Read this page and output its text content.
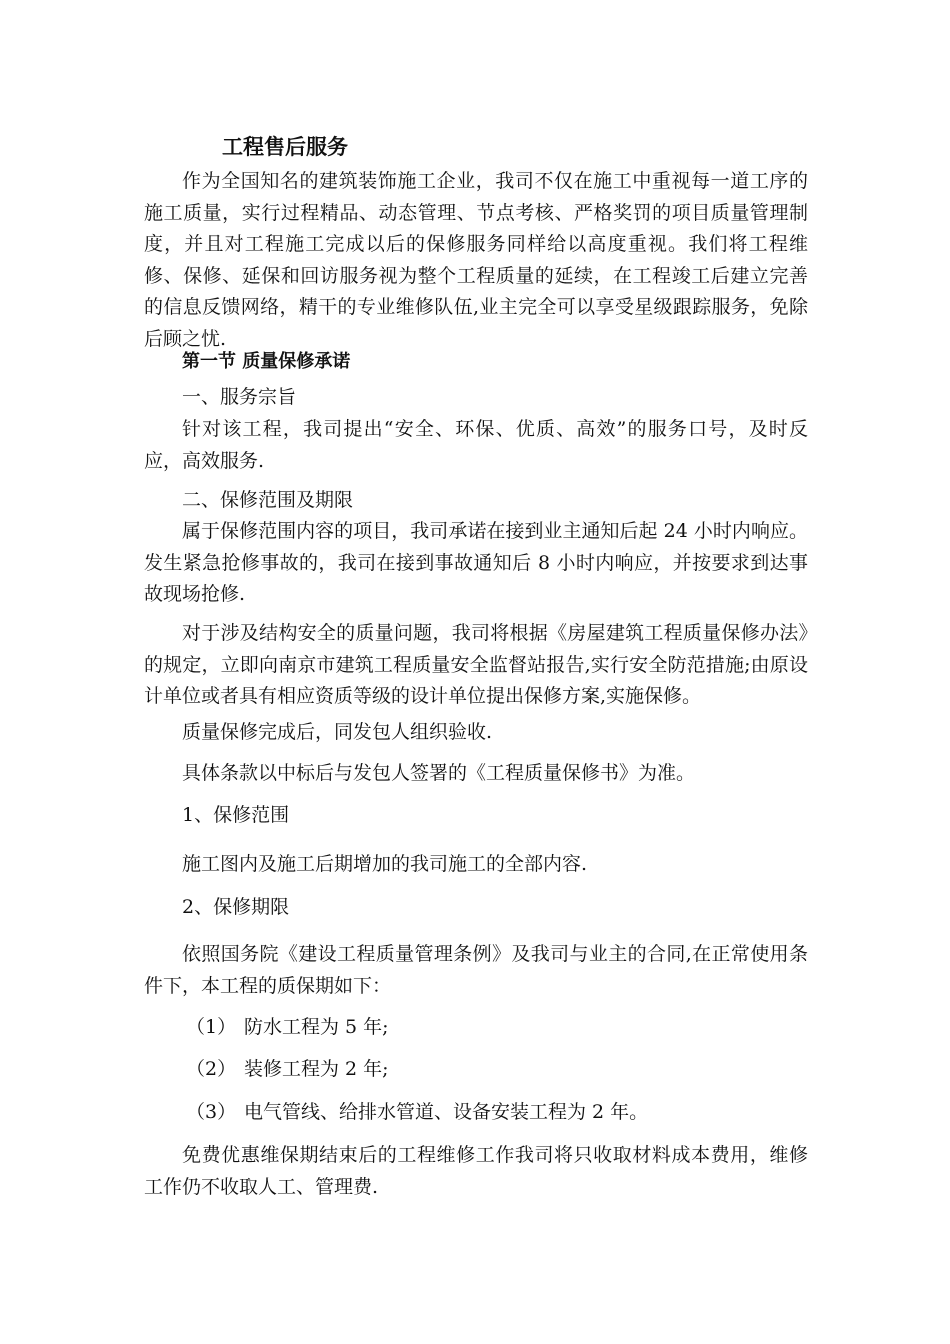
工程售后服务

作为全国知名的建筑装饰施工企业，我司不仅在施工中重视每一道工序的施工质量，实行过程精品、动态管理、节点考核、严格奖罚的项目质量管理制度，并且对工程施工完成以后的保修服务同样给以高度重视。我们将工程维修、保修、延保和回访服务视为整个工程质量的延续，在工程竣工后建立完善的信息反馈网络，精干的专业维修队伍,业主完全可以享受星级跟踪服务，免除后顾之忧.

第一节 质量保修承诺

一、服务宗旨

针对该工程，我司提出“安全、环保、优质、高效”的服务口号，及时反应，高效服务.

二、保修范围及期限

属于保修范围内容的项目，我司承诺在接到业主通知后起 24 小时内响应。发生紧急抢修事故的，我司在接到事故通知后 8 小时内响应，并按要求到达事故现场抢修.

对于涉及结构安全的质量问题，我司将根据《房屋建筑工程质量保修办法》的规定，立即向南京市建筑工程质量安全监督站报告,实行安全防范措施;由原设计单位或者具有相应资质等级的设计单位提出保修方案,实施保修。

质量保修完成后，同发包人组织验收.

具体条款以中标后与发包人签署的《工程质量保修书》为准。

1、保修范围

施工图内及施工后期增加的我司施工的全部内容.

2、保修期限

依照国务院《建设工程质量管理条例》及我司与业主的合同,在正常使用条件下，本工程的质保期如下：

（1） 防水工程为 5 年;

（2） 装修工程为 2 年;

（3） 电气管线、给排水管道、设备安装工程为 2 年。

免费优惠维保期结束后的工程维修工作我司将只收取材料成本费用，维修工作仍不收取人工、管理费.
